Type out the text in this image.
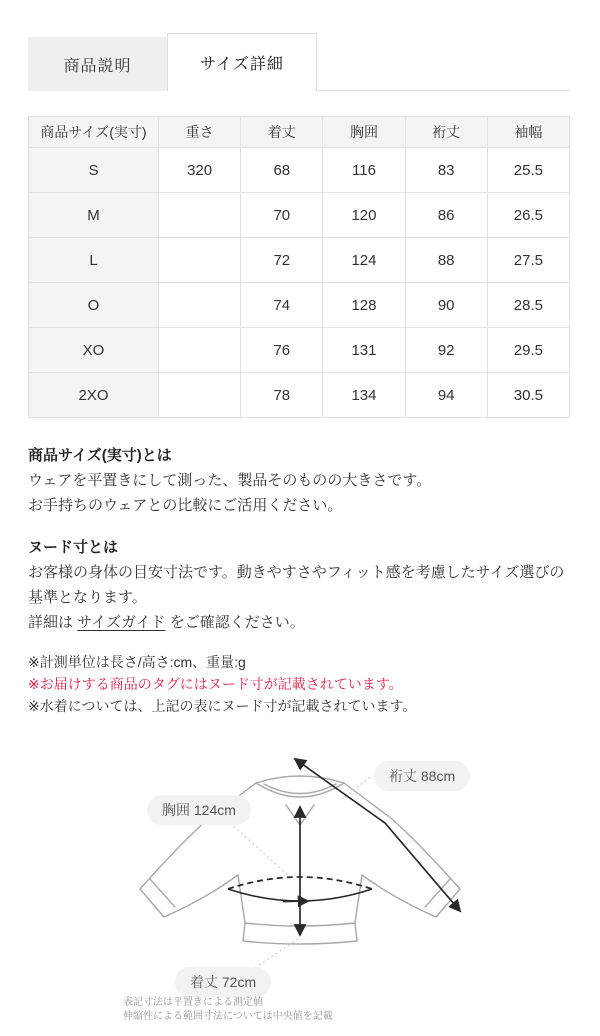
商品説明	サイズ詳細
商品サイズ(実寸)	重さ	着丈	胸囲	裄丈	袖幅
S	320	68	116	83	25.5
M		70	120	86	26.5
L		72	124	88	27.5
O		74	128	90	28.5
XO		76	131	92	29.5
2XO		78	134	94	30.5
商品サイズ(実寸)とは

ウェアを平置きにして測った、製品そのものの大きさです。

お手持ちのウェアとの比較にご活用ください。

ヌード寸とは

お客様の身体の目安寸法です。動きやすさやフィット感を考慮したサイズ選びの基準となります。

詳細は サイズガイド をご確認ください。

※計測単位は長さ/高さ:cm、重量:g
※お届けする商品のタグにはヌード寸が記載されています。
※水着については、上記の表にヌード寸が記載されています。
裄丈 88cm
胸囲 124cm
着丈 72cm
表記寸法は平置きによる測定値
伸縮性による範囲寸法については中央値を記載
